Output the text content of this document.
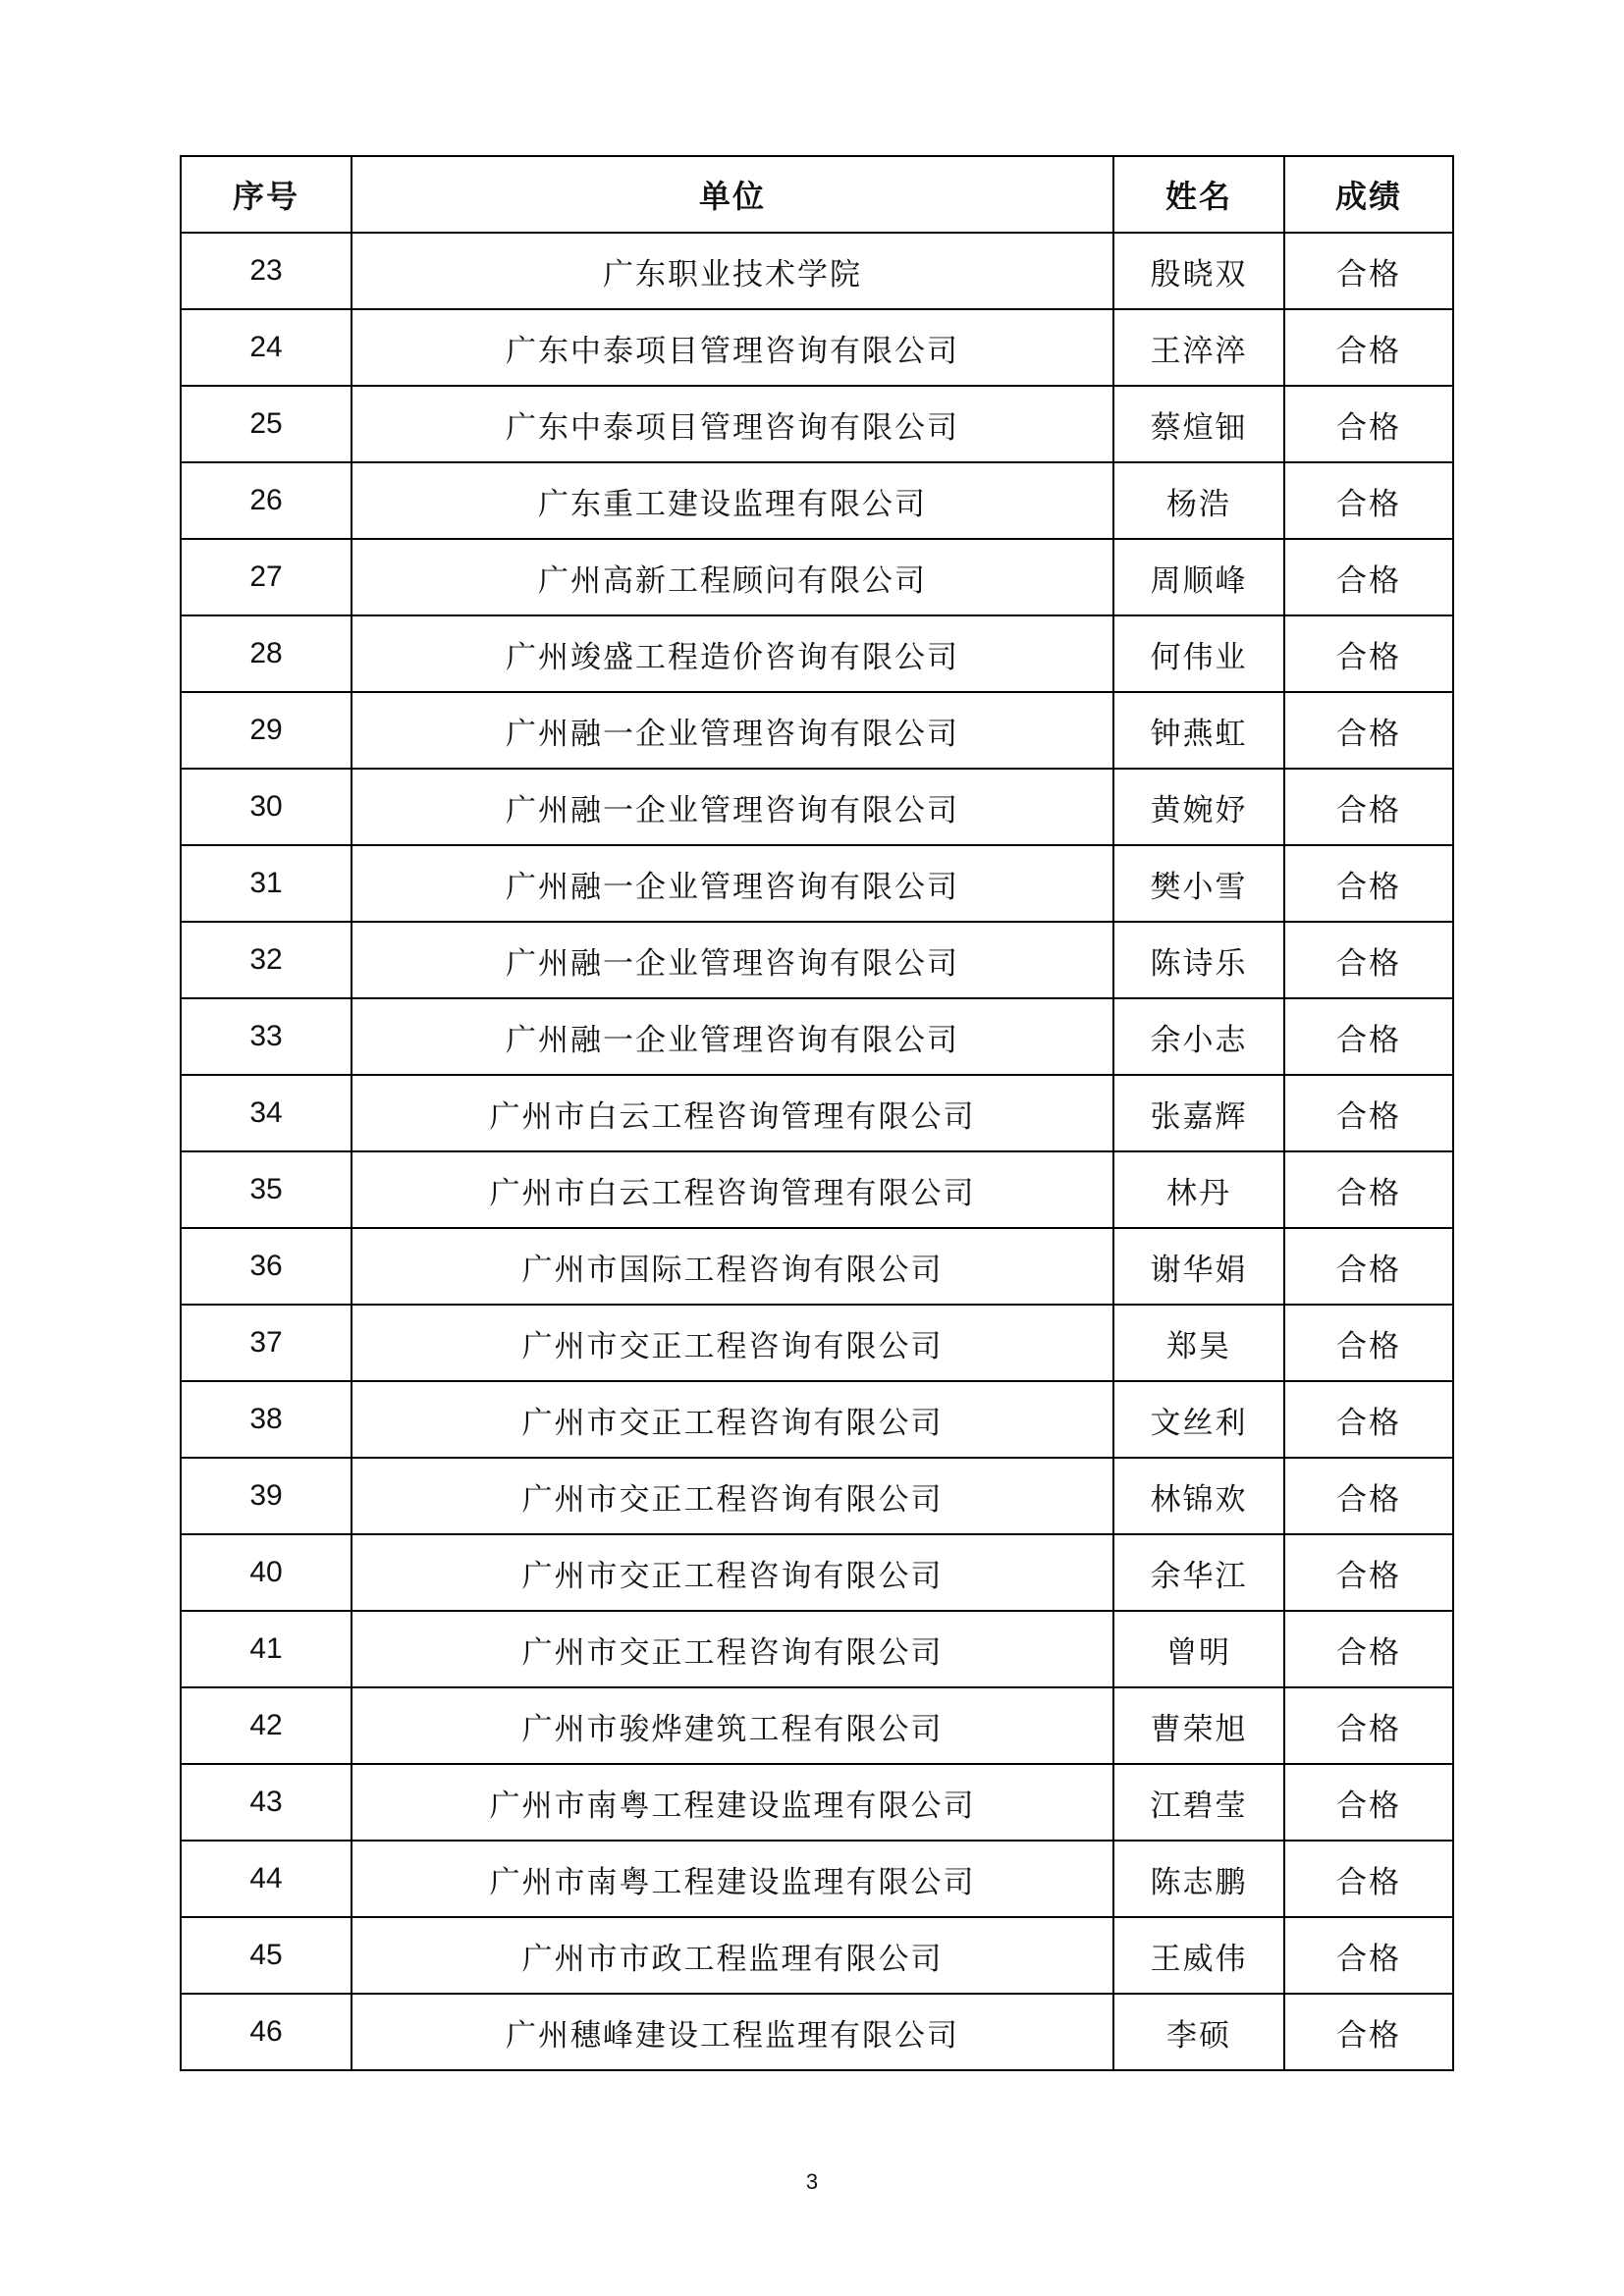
序号	单位	姓名	成绩
23	广东职业技术学院	殷晓双	合格
24	广东中泰项目管理咨询有限公司	王淬淬	合格
25	广东中泰项目管理咨询有限公司	蔡煊钿	合格
26	广东重工建设监理有限公司	杨浩	合格
27	广州高新工程顾问有限公司	周顺峰	合格
28	广州竣盛工程造价咨询有限公司	何伟业	合格
29	广州融一企业管理咨询有限公司	钟燕虹	合格
30	广州融一企业管理咨询有限公司	黄婉妤	合格
31	广州融一企业管理咨询有限公司	樊小雪	合格
32	广州融一企业管理咨询有限公司	陈诗乐	合格
33	广州融一企业管理咨询有限公司	余小志	合格
34	广州市白云工程咨询管理有限公司	张嘉辉	合格
35	广州市白云工程咨询管理有限公司	林丹	合格
36	广州市国际工程咨询有限公司	谢华娟	合格
37	广州市交正工程咨询有限公司	郑昊	合格
38	广州市交正工程咨询有限公司	文丝利	合格
39	广州市交正工程咨询有限公司	林锦欢	合格
40	广州市交正工程咨询有限公司	余华江	合格
41	广州市交正工程咨询有限公司	曾明	合格
42	广州市骏烨建筑工程有限公司	曹荣旭	合格
43	广州市南粤工程建设监理有限公司	江碧莹	合格
44	广州市南粤工程建设监理有限公司	陈志鹏	合格
45	广州市市政工程监理有限公司	王威伟	合格
46	广州穗峰建设工程监理有限公司	李硕	合格
3
